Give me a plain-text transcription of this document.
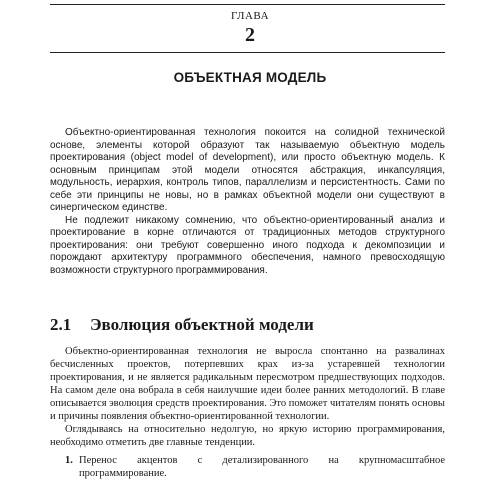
ГЛАВА
2
ОБЪЕКТНАЯ МОДЕЛЬ

Объектно-ориентированная технология покоится на солидной технической основе, элементы которой образуют так называемую объектную модель проектирования (object model of development), или просто объектную модель. К основным принципам этой модели относятся абстракция, инкапсуляция, модульность, иерархия, контроль типов, параллелизм и персистентность. Сами по себе эти принципы не новы, но в рамках объектной модели они существуют в синергическом единстве.

Не подлежит никакому сомнению, что объектно-ориентированный анализ и проектирование в корне отличаются от традиционных методов структурного проектирования: они требуют совершенно иного подхода к декомпозиции и порождают архитектуру программного обеспечения, намного превосходящую возможности структурного программирования.

2.1 Эволюция объектной модели

Объектно-ориентированная технология не выросла спонтанно на развалинах бесчисленных проектов, потерпевших крах из-за устаревшей технологии проектирования, и не является радикальным пересмотром предшествующих подходов. На самом деле она вобрала в себя наилучшие идеи более ранних методологий. В главе описывается эволюция средств проектирования. Это поможет читателям понять основы и причины появления объектно-ориентированной технологии.

Оглядываясь на относительно недолгую, но яркую историю программирования, необходимо отметить две главные тенденции.

1. Перенос акцентов с детализированного на крупномасштабное программирование.
